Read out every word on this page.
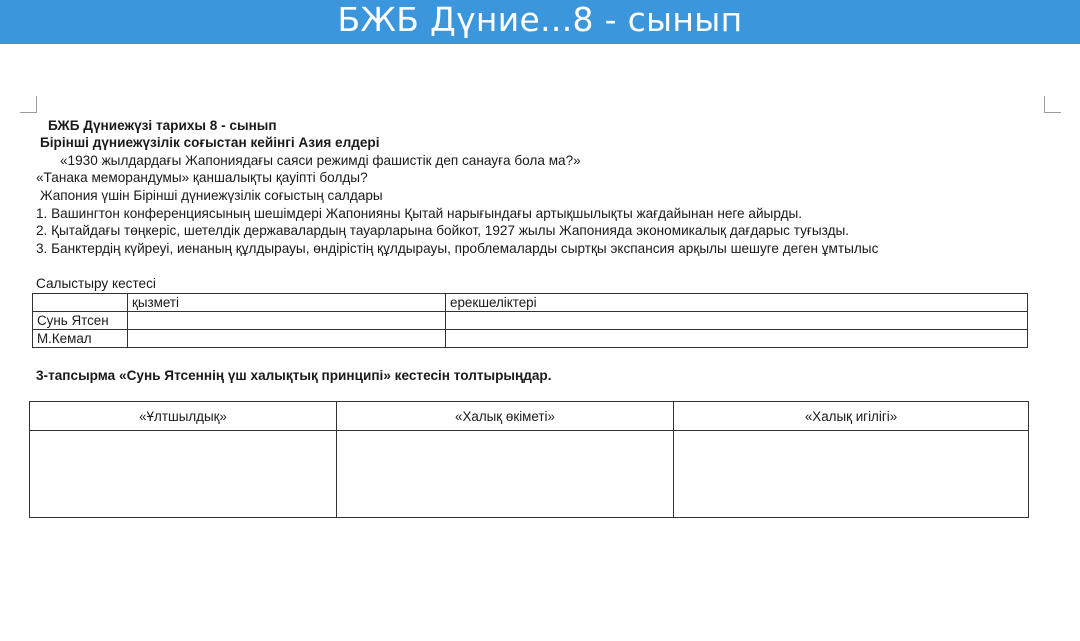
БЖБ Дүние...8 - сынып
БЖБ Дүниежүзі тарихы 8 - сынып
Бірінші дүниежүзілік соғыстан кейінгі Азия елдері
«1930 жылдардағы Жапониядағы саяси режимді фашистік деп санауға бола ма?»
«Танака меморандумы» қаншалықты қауіпті болды?
Жапония үшін Бірінші дүниежүзілік соғыстың салдары
1. Вашингтон конференциясының шешімдері Жапонияны Қытай нарығындағы артықшылықты жағдайынан неге айырды.
2. Қытайдағы төңкеріс, шетелдік державалардың тауарларына бойкот, 1927 жылы Жапонияда экономикалық дағдарыс туғызды.
3. Банктердің күйреуі, иенаның құлдырауы, өндірістің құлдырауы, проблемаларды сыртқы экспансия арқылы шешуге деген ұмтылыс
Салыстыру кестесі
	қызметі	ерекшеліктері
Сунь Ятсен		
М.Кемал		
3-тапсырма «Сунь Ятсеннің үш халықтық принципі» кестесін толтырыңдар.
«Ұлтшылдық»	«Халық өкіметі»	«Халық игілігі»
